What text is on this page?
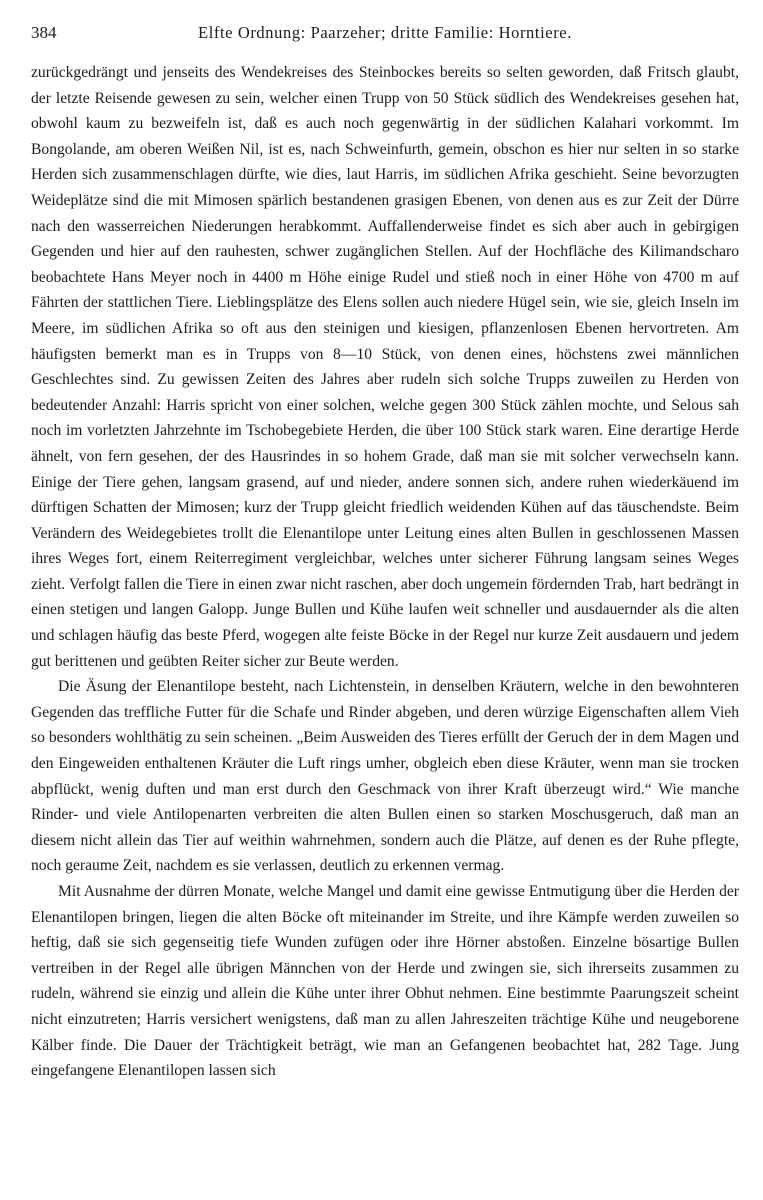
384	Elfte Ordnung: Paarzeher; dritte Familie: Horntiere.

zurückgedrängt und jenseits des Wendekreises des Steinbockes bereits so selten geworden, daß Fritsch glaubt, der letzte Reisende gewesen zu sein, welcher einen Trupp von 50 Stück südlich des Wendekreises gesehen hat, obwohl kaum zu bezweifeln ist, daß es auch noch gegenwärtig in der südlichen Kalahari vorkommt. Im Bongolande, am oberen Weißen Nil, ist es, nach Schweinfurth, gemein, obschon es hier nur selten in so starke Herden sich zusammenschlagen dürfte, wie dies, laut Harris, im südlichen Afrika geschieht. Seine bevorzugten Weideplätze sind die mit Mimosen spärlich bestandenen grasigen Ebenen, von denen aus es zur Zeit der Dürre nach den wasserreichen Niederungen herabkommt. Auffallenderweise findet es sich aber auch in gebirgigen Gegenden und hier auf den rauhesten, schwer zugänglichen Stellen. Auf der Hochfläche des Kilimandscharo beobachtete Hans Meyer noch in 4400 m Höhe einige Rudel und stieß noch in einer Höhe von 4700 m auf Fährten der stattlichen Tiere. Lieblingsplätze des Elens sollen auch niedere Hügel sein, wie sie, gleich Inseln im Meere, im südlichen Afrika so oft aus den steinigen und kiesigen, pflanzenlosen Ebenen hervortreten. Am häufigsten bemerkt man es in Trupps von 8—10 Stück, von denen eines, höchstens zwei männlichen Geschlechtes sind. Zu gewissen Zeiten des Jahres aber rudeln sich solche Trupps zuweilen zu Herden von bedeutender Anzahl: Harris spricht von einer solchen, welche gegen 300 Stück zählen mochte, und Selous sah noch im vorletzten Jahrzehnte im Tschobegebiete Herden, die über 100 Stück stark waren. Eine derartige Herde ähnelt, von fern gesehen, der des Hausrindes in so hohem Grade, daß man sie mit solcher verwechseln kann. Einige der Tiere gehen, langsam grasend, auf und nieder, andere sonnen sich, andere ruhen wiederkäuend im dürftigen Schatten der Mimosen; kurz der Trupp gleicht friedlich weidenden Kühen auf das täuschendste. Beim Verändern des Weidegebietes trollt die Elenantilope unter Leitung eines alten Bullen in geschlossenen Massen ihres Weges fort, einem Reiterregiment vergleichbar, welches unter sicherer Führung langsam seines Weges zieht. Verfolgt fallen die Tiere in einen zwar nicht raschen, aber doch ungemein fördernden Trab, hart bedrängt in einen stetigen und langen Galopp. Junge Bullen und Kühe laufen weit schneller und ausdauernder als die alten und schlagen häufig das beste Pferd, wogegen alte feiste Böcke in der Regel nur kurze Zeit ausdauern und jedem gut berittenen und geübten Reiter sicher zur Beute werden.

Die Äsung der Elenantilope besteht, nach Lichtenstein, in denselben Kräutern, welche in den bewohnteren Gegenden das treffliche Futter für die Schafe und Rinder abgeben, und deren würzige Eigenschaften allem Vieh so besonders wohlthätig zu sein scheinen. „Beim Ausweiden des Tieres erfüllt der Geruch der in dem Magen und den Eingeweiden enthaltenen Kräuter die Luft rings umher, obgleich eben diese Kräuter, wenn man sie trocken abpflückt, wenig duften und man erst durch den Geschmack von ihrer Kraft überzeugt wird.“ Wie manche Rinder- und viele Antilopenarten verbreiten die alten Bullen einen so starken Moschusgeruch, daß man an diesem nicht allein das Tier auf weithin wahrnehmen, sondern auch die Plätze, auf denen es der Ruhe pflegte, noch geraume Zeit, nachdem es sie verlassen, deutlich zu erkennen vermag.

Mit Ausnahme der dürren Monate, welche Mangel und damit eine gewisse Entmutigung über die Herden der Elenantilopen bringen, liegen die alten Böcke oft miteinander im Streite, und ihre Kämpfe werden zuweilen so heftig, daß sie sich gegenseitig tiefe Wunden zufügen oder ihre Hörner abstoßen. Einzelne bösartige Bullen vertreiben in der Regel alle übrigen Männchen von der Herde und zwingen sie, sich ihrerseits zusammen zu rudeln, während sie einzig und allein die Kühe unter ihrer Obhut nehmen. Eine bestimmte Paarungszeit scheint nicht einzutreten; Harris versichert wenigstens, daß man zu allen Jahreszeiten trächtige Kühe und neugeborene Kälber finde. Die Dauer der Trächtigkeit beträgt, wie man an Gefangenen beobachtet hat, 282 Tage. Jung eingefangene Elenantilopen lassen sich
